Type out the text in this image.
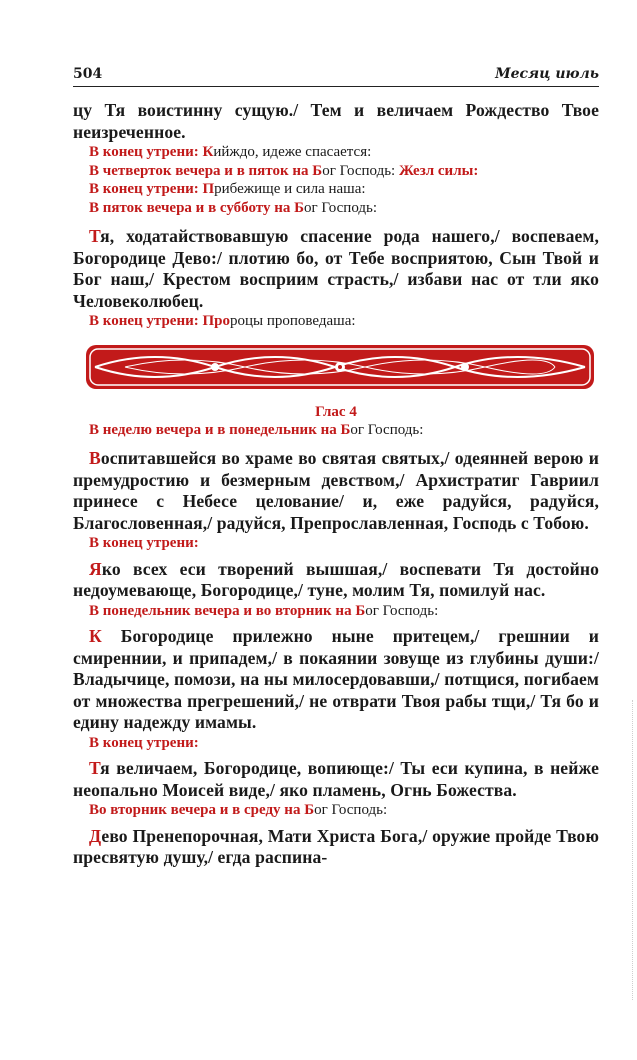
504	Месяц июль

цу Тя воистинну сущую./ Тем и величаем Рождество Твое неизреченное.

В конец утрени: Кийждо, идеже спасается:

В четверток вечера и в пяток на Бог Господь: Жезл силы:

В конец утрени: Прибежище и сила наша:

В пяток вечера и в субботу на Бог Господь:

Тя, ходатайствовавшую спасение рода нашего,/ воспеваем, Богородице Дево:/ плотию бо, от Тебе восприятою, Сын Твой и Бог наш,/ Крестом восприим страсть,/ избави нас от тли яко Человеколюбец.

В конец утрени: Пророцы проповедаша:

Глас 4

В неделю вечера и в понедельник на Бог Господь:

Воспитавшейся во храме во святая святых,/ одеянней верою и премудростию и безмерным девством,/ Архистратиг Гавриил принесе с Небесе целование/ и, еже радуйся, радуйся, Благословенная,/ радуйся, Препрославленная, Господь с Тобою.

В конец утрени:

Яко всех еси творений вышшая,/ воспевати Тя достойно недоумевающе, Богородице,/ туне, молим Тя, помилуй нас.

В понедельник вечера и во вторник на Бог Господь:

К Богородице прилежно ныне притецем,/ грешнии и смиреннии, и припадем,/ в покаянии зовуще из глубины души:/ Владычице, помози, на ны милосердовавши,/ потщися, погибаем от множества прегрешений,/ не отврати Твоя рабы тщи,/ Тя бо и едину надежду имамы.

В конец утрени:

Тя величаем, Богородице, вопиюще:/ Ты еси купина, в нейже неопально Моисей виде,/ яко пламень, Огнь Божества.

Во вторник вечера и в среду на Бог Господь:

Дево Пренепорочная, Мати Христа Бога,/ оружие пройде Твою пресвятую душу,/ егда распина-
